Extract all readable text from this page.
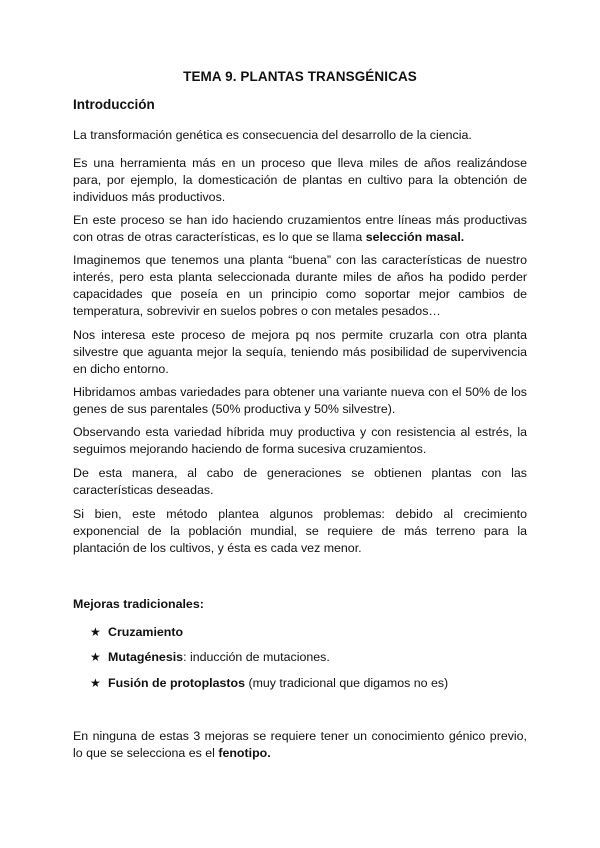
TEMA 9. PLANTAS TRANSGÉNICAS
Introducción
La transformación genética es consecuencia del desarrollo de la ciencia.
Es una herramienta más en un proceso que lleva miles de años realizándose para, por ejemplo, la domesticación de plantas en cultivo para la obtención de individuos más productivos.
En este proceso se han ido haciendo cruzamientos entre líneas más productivas con otras de otras características, es lo que se llama selección masal.
Imaginemos que tenemos una planta “buena” con las características de nuestro interés, pero esta planta seleccionada durante miles de años ha podido perder capacidades que poseía en un principio como soportar mejor cambios de temperatura, sobrevivir en suelos pobres o con metales pesados…
Nos interesa este proceso de mejora pq nos permite cruzarla con otra planta silvestre que aguanta mejor la sequía, teniendo más posibilidad de supervivencia en dicho entorno.
Hibridamos ambas variedades para obtener una variante nueva con el 50% de los genes de sus parentales (50% productiva y 50% silvestre).
Observando esta variedad híbrida muy productiva y con resistencia al estrés, la seguimos mejorando haciendo de forma sucesiva cruzamientos.
De esta manera, al cabo de generaciones se obtienen plantas con las características deseadas.
Si bien, este método plantea algunos problemas: debido al crecimiento exponencial de la población mundial, se requiere de más terreno para la plantación de los cultivos, y ésta es cada vez menor.
Mejoras tradicionales:
★ Cruzamiento
★ Mutagénesis: inducción de mutaciones.
★ Fusión de protoplastos (muy tradicional que digamos no es)
En ninguna de estas 3 mejoras se requiere tener un conocimiento génico previo, lo que se selecciona es el fenotipo.
